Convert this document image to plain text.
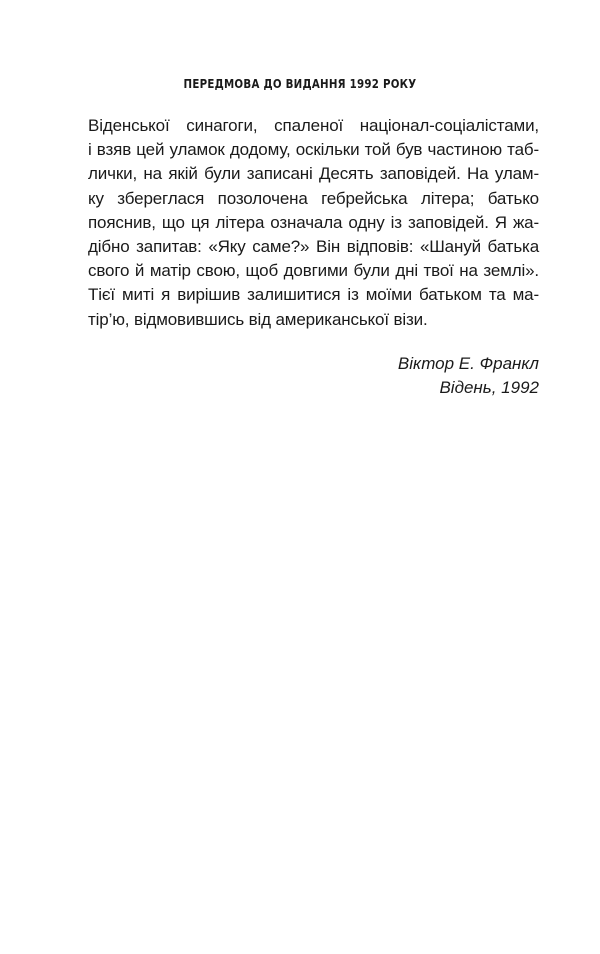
ПЕРЕДМОВА ДО ВИДАННЯ 1992 РОКУ
Віденської синагоги, спаленої націонал-соціалістами,
і взяв цей уламок додому, оскільки той був частиною таб-
лички, на якій були записані Десять заповідей. На улам-
ку збереглася позолочена гебрейська літера; батько
пояснив, що ця літера означала одну із заповідей. Я жа-
дібно запитав: «Яку саме?» Він відповів: «Шануй батька
свого й матір свою, щоб довгими були дні твої на землі».
Тієї миті я вирішив залишитися із моїми батьком та ма-
тір’ю, відмовившись від американської візи.
Віктор Е. Франкл
Відень, 1992
